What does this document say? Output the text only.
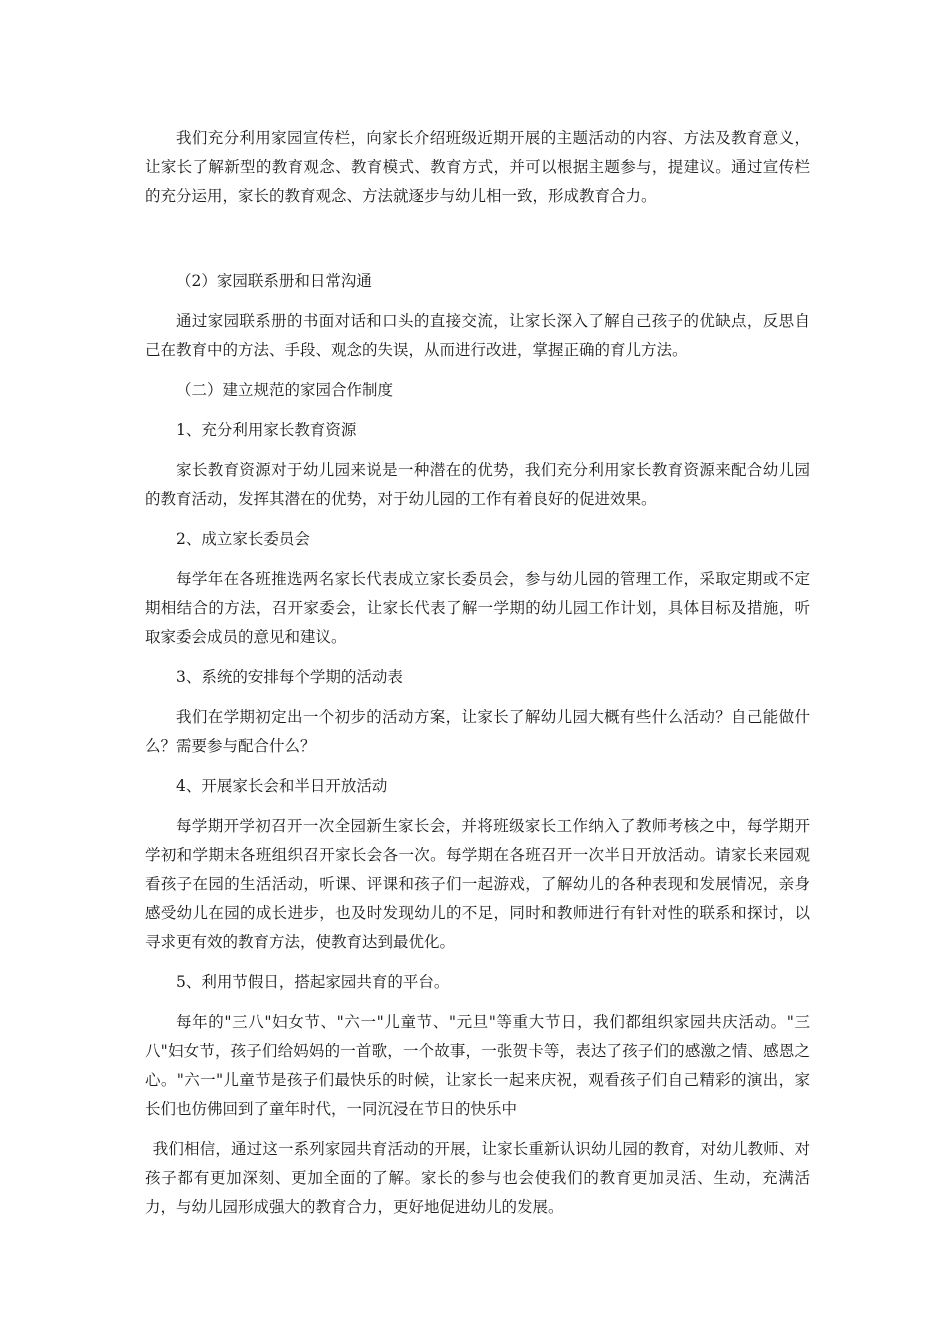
我们充分利用家园宣传栏，向家长介绍班级近期开展的主题活动的内容、方法及教育意义，让家长了解新型的教育观念、教育模式、教育方式，并可以根据主题参与，提建议。通过宣传栏的充分运用，家长的教育观念、方法就逐步与幼儿相一致，形成教育合力。

（2）家园联系册和日常沟通

通过家园联系册的书面对话和口头的直接交流，让家长深入了解自己孩子的优缺点，反思自己在教育中的方法、手段、观念的失误，从而进行改进，掌握正确的育儿方法。

（二）建立规范的家园合作制度

1、充分利用家长教育资源

家长教育资源对于幼儿园来说是一种潜在的优势，我们充分利用家长教育资源来配合幼儿园的教育活动，发挥其潜在的优势，对于幼儿园的工作有着良好的促进效果。

2、成立家长委员会

每学年在各班推选两名家长代表成立家长委员会，参与幼儿园的管理工作，采取定期或不定期相结合的方法，召开家委会，让家长代表了解一学期的幼儿园工作计划，具体目标及措施，听取家委会成员的意见和建议。

3、系统的安排每个学期的活动表

我们在学期初定出一个初步的活动方案，让家长了解幼儿园大概有些什么活动？自己能做什么？需要参与配合什么？

4、开展家长会和半日开放活动

每学期开学初召开一次全园新生家长会，并将班级家长工作纳入了教师考核之中，每学期开学初和学期末各班组织召开家长会各一次。每学期在各班召开一次半日开放活动。请家长来园观看孩子在园的生活活动，听课、评课和孩子们一起游戏，了解幼儿的各种表现和发展情况，亲身感受幼儿在园的成长进步，也及时发现幼儿的不足，同时和教师进行有针对性的联系和探讨，以寻求更有效的教育方法，使教育达到最优化。

5、利用节假日，搭起家园共育的平台。

每年的"三八"妇女节、"六一"儿童节、"元旦"等重大节日，我们都组织家园共庆活动。"三八"妇女节，孩子们给妈妈的一首歌，一个故事，一张贺卡等，表达了孩子们的感激之情、感恩之心。"六一"儿童节是孩子们最快乐的时候，让家长一起来庆祝，观看孩子们自己精彩的演出，家长们也仿佛回到了童年时代，一同沉浸在节日的快乐中

我们相信，通过这一系列家园共育活动的开展，让家长重新认识幼儿园的教育，对幼儿教师、对孩子都有更加深刻、更加全面的了解。家长的参与也会使我们的教育更加灵活、生动，充满活力，与幼儿园形成强大的教育合力，更好地促进幼儿的发展。
